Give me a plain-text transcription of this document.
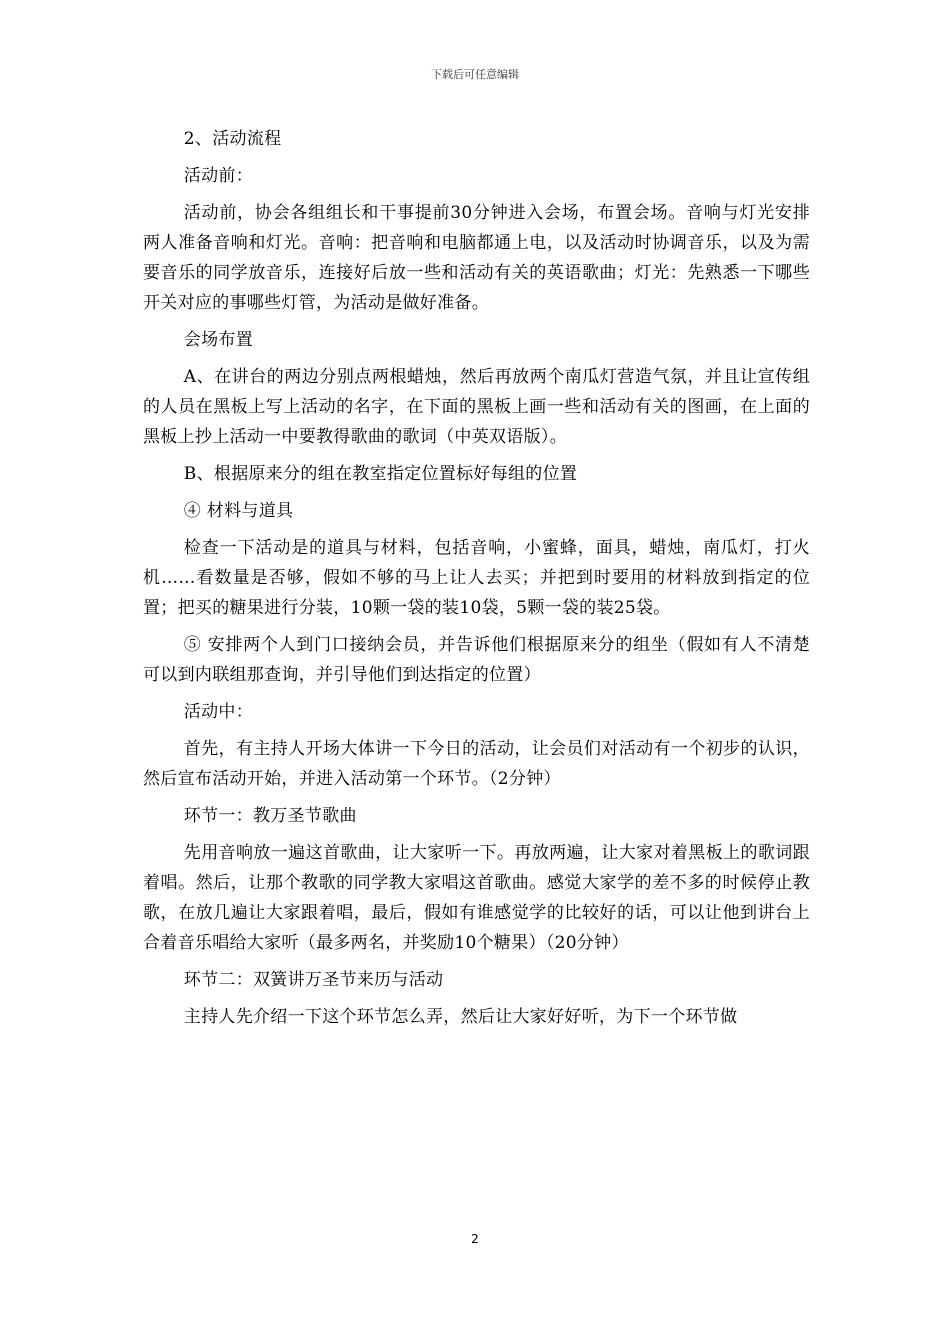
下载后可任意编辑

2、活动流程

活动前：

活动前，协会各组组长和干事提前30分钟进入会场，布置会场。音响与灯光安排两人准备音响和灯光。音响：把音响和电脑都通上电，以及活动时协调音乐，以及为需要音乐的同学放音乐，连接好后放一些和活动有关的英语歌曲；灯光：先熟悉一下哪些开关对应的事哪些灯管，为活动是做好准备。

会场布置

A、在讲台的两边分别点两根蜡烛，然后再放两个南瓜灯营造气氛，并且让宣传组的人员在黑板上写上活动的名字，在下面的黑板上画一些和活动有关的图画，在上面的黑板上抄上活动一中要教得歌曲的歌词（中英双语版）。

B、根据原来分的组在教室指定位置标好每组的位置

④ 材料与道具

检查一下活动是的道具与材料，包括音响，小蜜蜂，面具，蜡烛，南瓜灯，打火机……看数量是否够，假如不够的马上让人去买；并把到时要用的材料放到指定的位置；把买的糖果进行分装，10颗一袋的装10袋，5颗一袋的装25袋。

⑤ 安排两个人到门口接纳会员，并告诉他们根据原来分的组坐（假如有人不清楚可以到内联组那查询，并引导他们到达指定的位置）

活动中：

首先，有主持人开场大体讲一下今日的活动，让会员们对活动有一个初步的认识，然后宣布活动开始，并进入活动第一个环节。（2分钟）

环节一：教万圣节歌曲

先用音响放一遍这首歌曲，让大家听一下。再放两遍，让大家对着黑板上的歌词跟着唱。然后，让那个教歌的同学教大家唱这首歌曲。感觉大家学的差不多的时候停止教歌，在放几遍让大家跟着唱，最后，假如有谁感觉学的比较好的话，可以让他到讲台上合着音乐唱给大家听（最多两名，并奖励10个糖果）（20分钟）

环节二：双簧讲万圣节来历与活动

主持人先介绍一下这个环节怎么弄，然后让大家好好听，为下一个环节做

2
